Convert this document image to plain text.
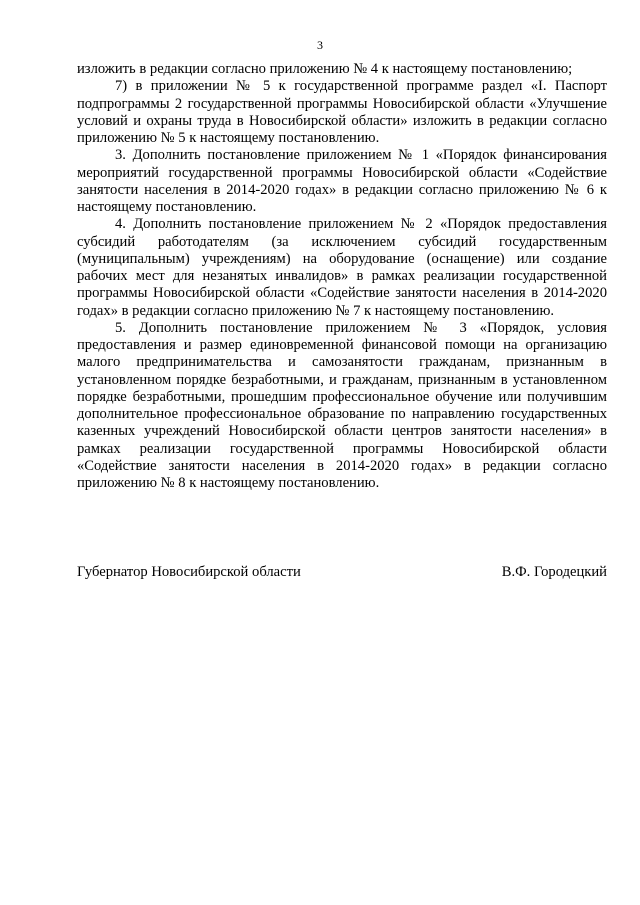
3

изложить в редакции согласно приложению № 4 к настоящему постановлению;

7) в приложении № 5 к государственной программе раздел «I. Паспорт подпрограммы 2 государственной программы Новосибирской области «Улучшение условий и охраны труда в Новосибирской области» изложить в редакции согласно приложению № 5 к настоящему постановлению.

3. Дополнить постановление приложением № 1 «Порядок финансирования мероприятий государственной программы Новосибирской области «Содействие занятости населения в 2014-2020 годах» в редакции согласно приложению № 6 к настоящему постановлению.

4. Дополнить постановление приложением № 2 «Порядок предоставления субсидий работодателям (за исключением субсидий государственным (муниципальным) учреждениям) на оборудование (оснащение) или создание рабочих мест для незанятых инвалидов» в рамках реализации государственной программы Новосибирской области «Содействие занятости населения в 2014-2020 годах» в редакции согласно приложению № 7 к настоящему постановлению.

5. Дополнить постановление приложением № 3 «Порядок, условия предоставления и размер единовременной финансовой помощи на организацию малого предпринимательства и самозанятости гражданам, признанным в установленном порядке безработными, и гражданам, признанным в установленном порядке безработными, прошедшим профессиональное обучение или получившим дополнительное профессиональное образование по направлению государственных казенных учреждений Новосибирской области центров занятости населения» в рамках реализации государственной программы Новосибирской области «Содействие занятости населения в 2014-2020 годах» в редакции согласно приложению № 8 к настоящему постановлению.

Губернатор Новосибирской области	В.Ф. Городецкий
